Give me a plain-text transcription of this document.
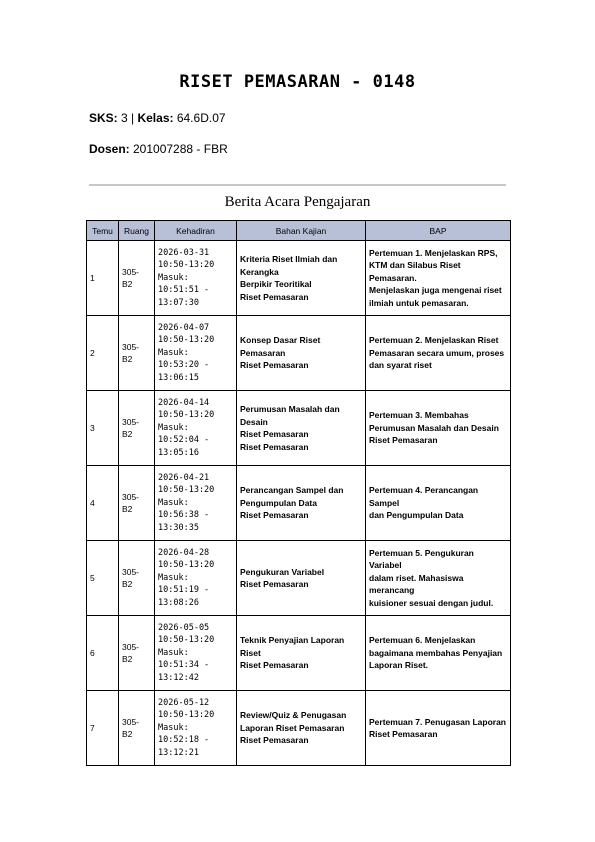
RISET PEMASARAN - 0148
SKS: 3 | Kelas: 64.6D.07
Dosen: 201007288 - FBR
Berita Acara Pengajaran
Temu	Ruang	Kehadiran	Bahan Kajian	BAP
1	305-
B2	2026-03-31
10:50-13:20
Masuk:
10:51:51 -
13:07:30	Kriteria Riset Ilmiah dan Kerangka
Berpikir Teoritikal
Riset Pemasaran	Pertemuan 1. Menjelaskan RPS,
KTM dan Silabus Riset Pemasaran.
Menjelaskan juga mengenai riset
ilmiah untuk pemasaran.
2	305-
B2	2026-04-07
10:50-13:20
Masuk:
10:53:20 -
13:06:15	Konsep Dasar Riset Pemasaran
Riset Pemasaran	Pertemuan 2. Menjelaskan Riset
Pemasaran secara umum, proses
dan syarat riset
3	305-
B2	2026-04-14
10:50-13:20
Masuk:
10:52:04 -
13:05:16	Perumusan Masalah dan Desain
Riset Pemasaran
Riset Pemasaran	Pertemuan 3. Membahas
Perumusan Masalah dan Desain
Riset Pemasaran
4	305-
B2	2026-04-21
10:50-13:20
Masuk:
10:56:38 -
13:30:35	Perancangan Sampel dan
Pengumpulan Data
Riset Pemasaran	Pertemuan 4. Perancangan Sampel
dan Pengumpulan Data
5	305-
B2	2026-04-28
10:50-13:20
Masuk:
10:51:19 -
13:08:26	Pengukuran Variabel
Riset Pemasaran	Pertemuan 5. Pengukuran Variabel
dalam riset. Mahasiswa merancang
kuisioner sesuai dengan judul.
6	305-
B2	2026-05-05
10:50-13:20
Masuk:
10:51:34 -
13:12:42	Teknik Penyajian Laporan Riset
Riset Pemasaran	Pertemuan 6. Menjelaskan
bagaimana membahas Penyajian
Laporan Riset.
7	305-
B2	2026-05-12
10:50-13:20
Masuk:
10:52:18 -
13:12:21	Review/Quiz & Penugasan
Laporan Riset Pemasaran
Riset Pemasaran	Pertemuan 7. Penugasan Laporan
Riset Pemasaran
